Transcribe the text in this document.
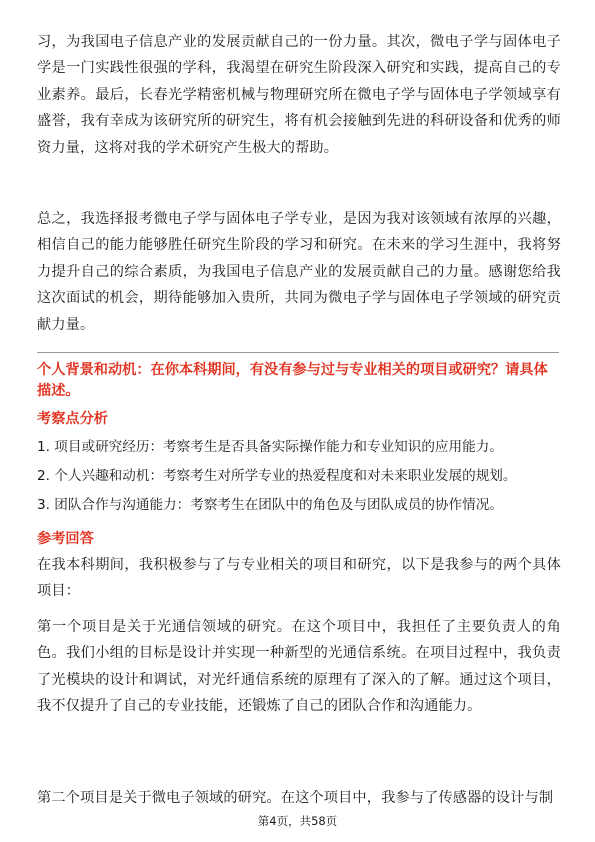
习，为我国电子信息产业的发展贡献自己的一份力量。其次，微电子学与固体电子学是一门实践性很强的学科，我渴望在研究生阶段深入研究和实践，提高自己的专业素养。最后，长春光学精密机械与物理研究所在微电子学与固体电子学领域享有盛誉，我有幸成为该研究所的研究生，将有机会接触到先进的科研设备和优秀的师资力量，这将对我的学术研究产生极大的帮助。

总之，我选择报考微电子学与固体电子学专业，是因为我对该领域有浓厚的兴趣，相信自己的能力能够胜任研究生阶段的学习和研究。在未来的学习生涯中，我将努力提升自己的综合素质，为我国电子信息产业的发展贡献自己的力量。感谢您给我这次面试的机会，期待能够加入贵所，共同为微电子学与固体电子学领域的研究贡献力量。

个人背景和动机：在你本科期间，有没有参与过与专业相关的项目或研究？请具体描述。

考察点分析

1. 项目或研究经历：考察考生是否具备实际操作能力和专业知识的应用能力。

2. 个人兴趣和动机：考察考生对所学专业的热爱程度和对未来职业发展的规划。

3. 团队合作与沟通能力：考察考生在团队中的角色及与团队成员的协作情况。

参考回答

在我本科期间，我积极参与了与专业相关的项目和研究，以下是我参与的两个具体项目：

第一个项目是关于光通信领域的研究。在这个项目中，我担任了主要负责人的角色。我们小组的目标是设计并实现一种新型的光通信系统。在项目过程中，我负责了光模块的设计和调试，对光纤通信系统的原理有了深入的了解。通过这个项目，我不仅提升了自己的专业技能，还锻炼了自己的团队合作和沟通能力。

第二个项目是关于微电子领域的研究。在这个项目中，我参与了传感器的设计与制

第4页，共58页
